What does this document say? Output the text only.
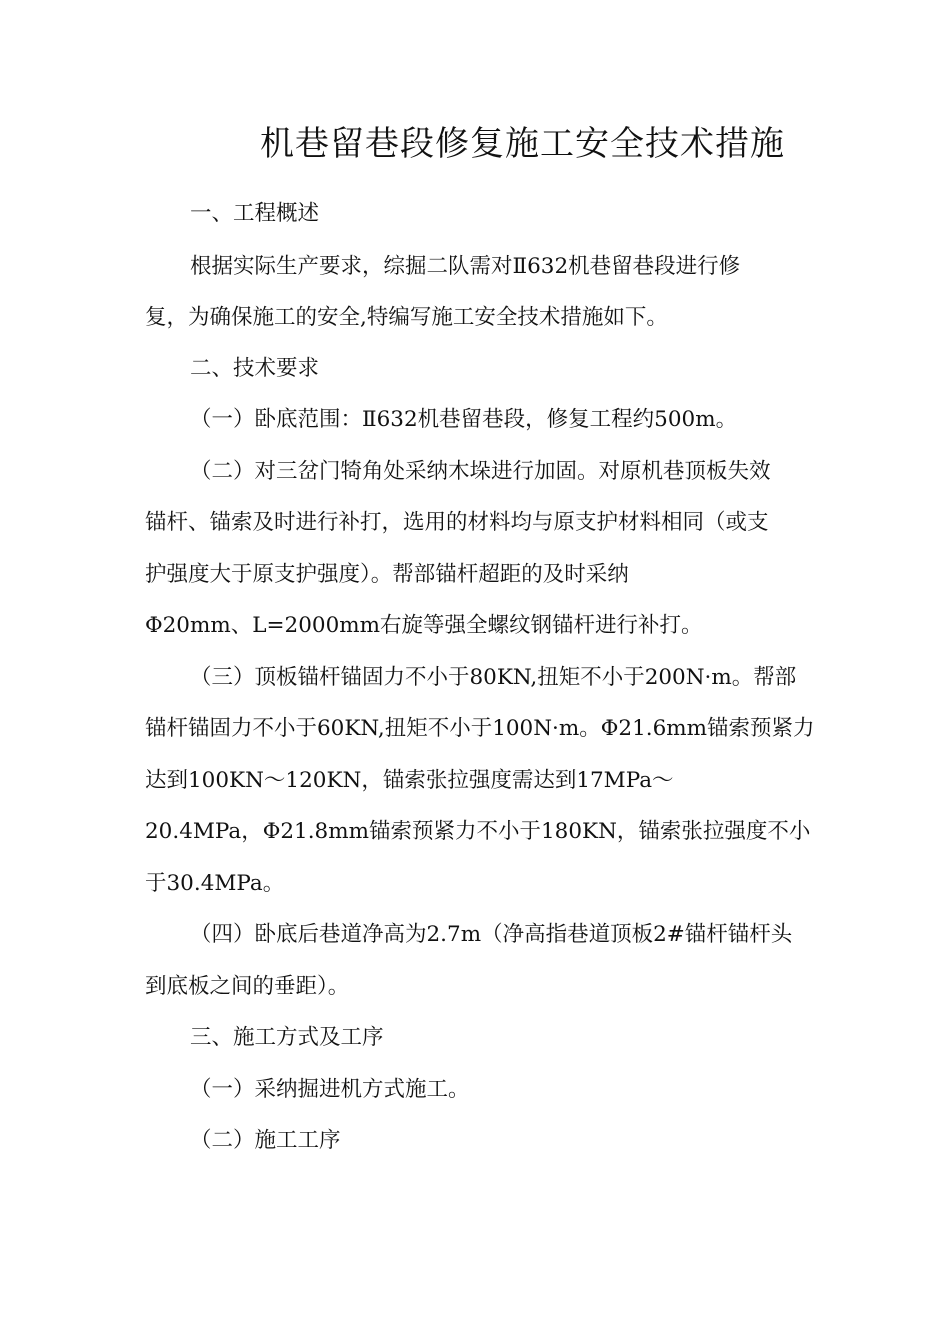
机巷留巷段修复施工安全技术措施
一、工程概述
根据实际生产要求，综掘二队需对Ⅱ632机巷留巷段进行修
复，为确保施工的安全,特编写施工安全技术措施如下。
二、技术要求
（一）卧底范围：Ⅱ632机巷留巷段，修复工程约500m。
（二）对三岔门犄角处采纳木垛进行加固。对原机巷顶板失效
锚杆、锚索及时进行补打，选用的材料均与原支护材料相同（或支
护强度大于原支护强度）。帮部锚杆超距的及时采纳
Φ20mm、L=2000mm右旋等强全螺纹钢锚杆进行补打。
（三）顶板锚杆锚固力不小于80KN,扭矩不小于200N·m。帮部
锚杆锚固力不小于60KN,扭矩不小于100N·m。Φ21.6mm锚索预紧力
达到100KN～120KN，锚索张拉强度需达到17MPa～
20.4MPa，Φ21.8mm锚索预紧力不小于180KN，锚索张拉强度不小
于30.4MPa。
（四）卧底后巷道净高为2.7m（净高指巷道顶板2#锚杆锚杆头
到底板之间的垂距）。
三、施工方式及工序
（一）采纳掘进机方式施工。
（二）施工工序
